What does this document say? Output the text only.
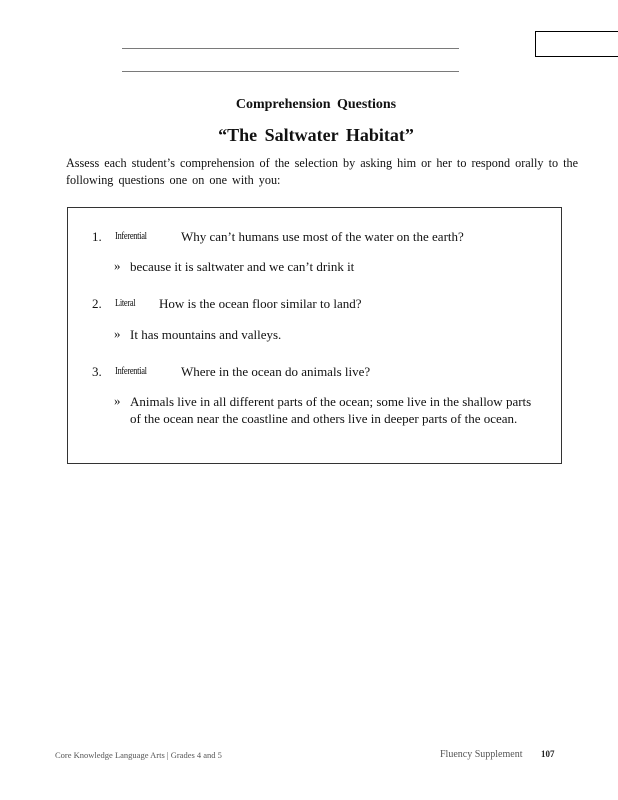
Comprehension Questions
“The Saltwater Habitat”

Assess each student’s comprehension of the selection by asking him or her to respond orally to the following questions one on one with you:

1. Inferential	Why can’t humans use most of the water on the earth?
» because it is saltwater and we can’t drink it

2. Literal How is the ocean floor similar to land?
» It has mountains and valleys.

3. Inferential	Where in the ocean do animals live?
» Animals live in all different parts of the ocean; some live in the shallow parts of the ocean near the coastline and others live in deeper parts of the ocean.

Core Knowledge Language Arts | Grades 4 and 5	Fluency Supplement 107
